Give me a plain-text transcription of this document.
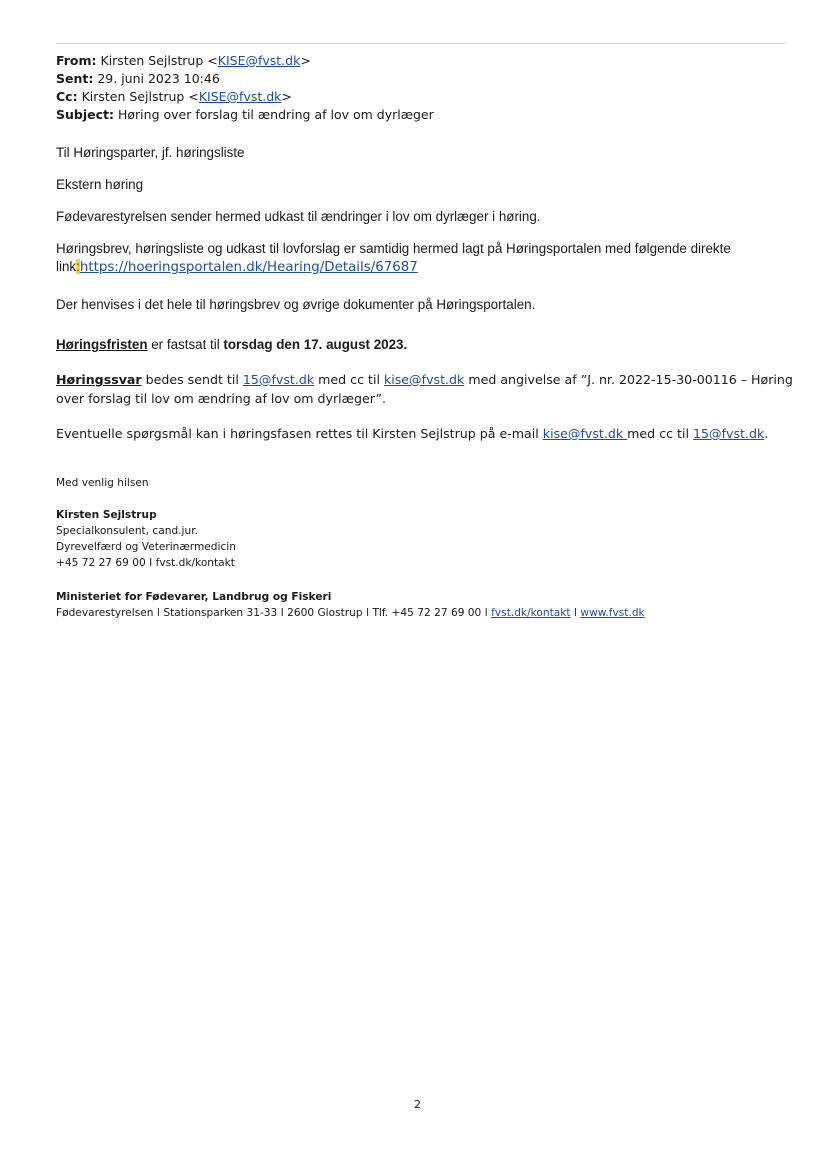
From: Kirsten Sejlstrup <KISE@fvst.dk>
Sent: 29. juni 2023 10:46
Cc: Kirsten Sejlstrup <KISE@fvst.dk>
Subject: Høring over forslag til ændring af lov om dyrlæger
Til Høringsparter, jf. høringsliste
Ekstern høring
Fødevarestyrelsen sender hermed udkast til ændringer i lov om dyrlæger i høring.
Høringsbrev, høringsliste og udkast til lovforslag er samtidig hermed lagt på Høringsportalen med følgende direkte
link:https://hoeringsportalen.dk/Hearing/Details/67687
Der henvises i det hele til høringsbrev og øvrige dokumenter på Høringsportalen.
Høringsfristen er fastsat til torsdag den 17. august 2023.
Høringssvar bedes sendt til 15@fvst.dk med cc til kise@fvst.dk med angivelse af ”J. nr. 2022-15-30-00116 – Høring
over forslag til lov om ændring af lov om dyrlæger”.
Eventuelle spørgsmål kan i høringsfasen rettes til Kirsten Sejlstrup på e-mail kise@fvst.dk med cc til 15@fvst.dk.
Med venlig hilsen
Kirsten Sejlstrup
Specialkonsulent, cand.jur.
Dyrevelfærd og Veterinærmedicin
+45 72 27 69 00 I fvst.dk/kontakt
Ministeriet for Fødevarer, Landbrug og Fiskeri
Fødevarestyrelsen I Stationsparken 31-33 I 2600 Glostrup I Tlf. +45 72 27 69 00 I fvst.dk/kontakt I www.fvst.dk
2
